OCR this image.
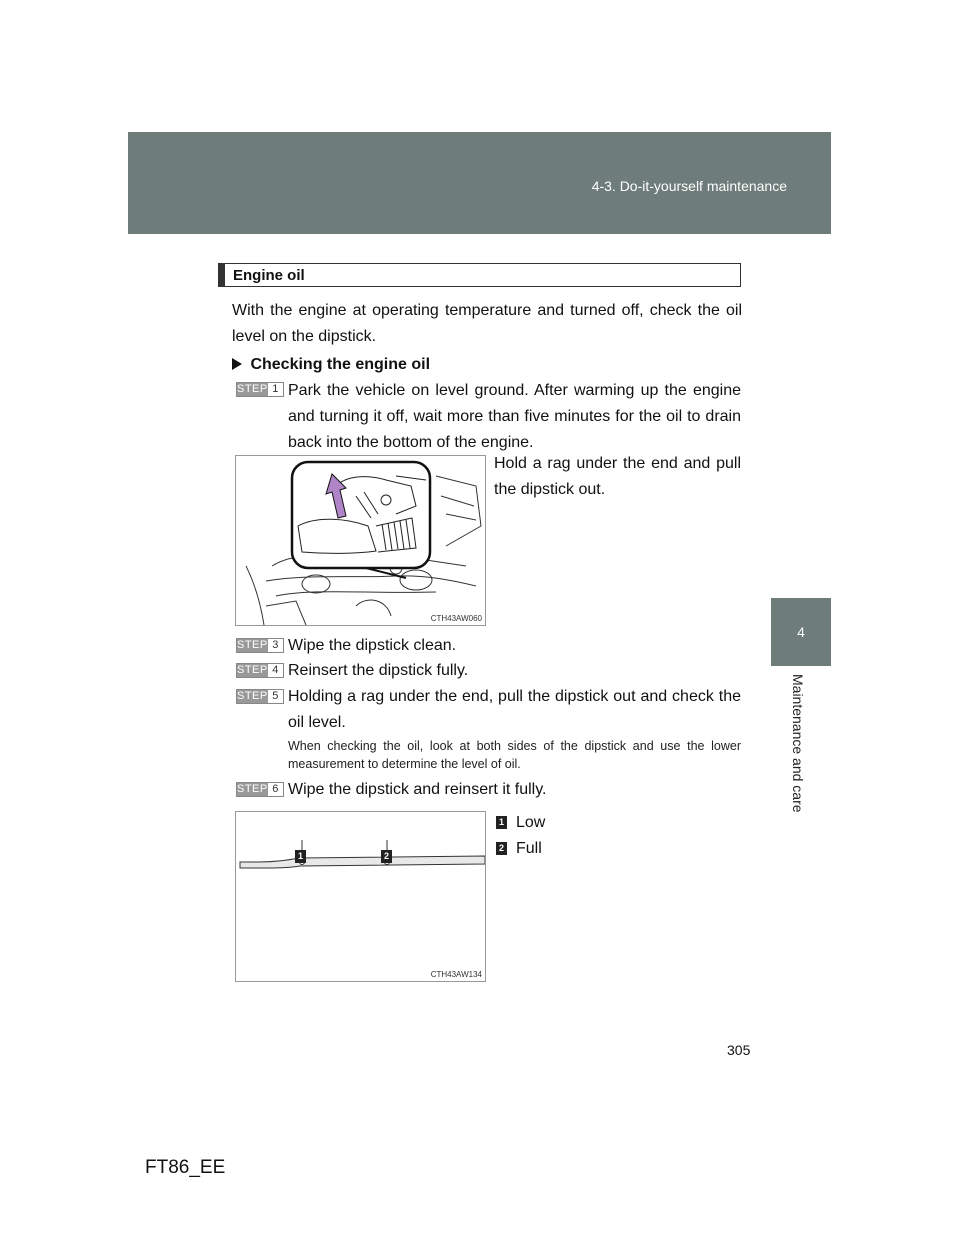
4-3. Do-it-yourself maintenance
4
Maintenance and care
Engine oil
With the engine at operating temperature and turned off, check the oil level on the dipstick.
Checking the engine oil
STEP 1 Park the vehicle on level ground. After warming up the engine and turning it off, wait more than five minutes for the oil to drain back into the bottom of the engine.
Hold a rag under the end and pull the dipstick out.
CTH43AW060
STEP 3 Wipe the dipstick clean.
STEP 4 Reinsert the dipstick fully.
STEP 5 Holding a rag under the end, pull the dipstick out and check the oil level.
When checking the oil, look at both sides of the dipstick and use the lower measurement to determine the level of oil.
STEP 6 Wipe the dipstick and reinsert it fully.
1	2
CTH43AW134
1 Low
2 Full
305
FT86_EE
